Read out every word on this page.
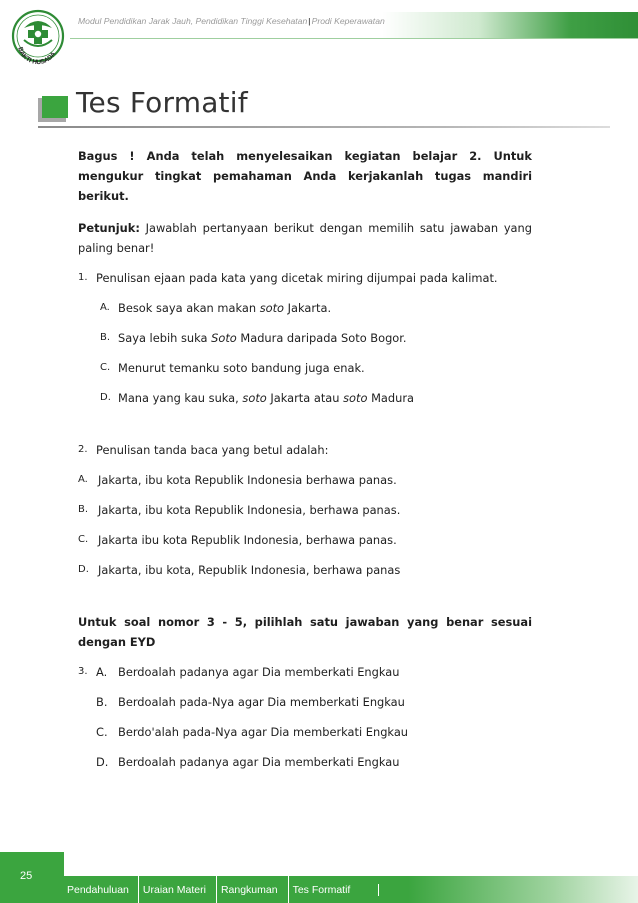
BAKTI HUSADA
Modul Pendidikan Jarak Jauh, Pendidikan Tinggi Kesehatan|Prodi Keperawatan
Tes Formatif

Bagus ! Anda telah menyelesaikan kegiatan belajar 2. Untuk mengukur tingkat pemahaman Anda kerjakanlah tugas mandiri berikut.

Petunjuk: Jawablah pertanyaan berikut dengan memilih satu jawaban yang paling benar!

1. Penulisan ejaan pada kata yang dicetak miring dijumpai pada kalimat.
A. Besok saya akan makan soto Jakarta.
B. Saya lebih suka Soto Madura daripada Soto Bogor.
C. Menurut temanku soto bandung juga enak.
D. Mana yang kau suka, soto Jakarta atau soto Madura
2. Penulisan tanda baca yang betul adalah:
A. Jakarta, ibu kota Republik Indonesia berhawa panas.
B. Jakarta, ibu kota Republik Indonesia, berhawa panas.
C. Jakarta ibu kota Republik Indonesia, berhawa panas.
D. Jakarta, ibu kota, Republik Indonesia, berhawa panas

Untuk soal nomor 3 - 5, pilihlah satu jawaban yang benar sesuai dengan EYD

3. A. Berdoalah padanya agar Dia memberkati Engkau
B. Berdoalah pada-Nya agar Dia memberkati Engkau
C. Berdo'alah pada-Nya agar Dia memberkati Engkau
D. Berdoalah padanya agar Dia memberkati Engkau
25
Pendahuluan	Uraian Materi	Rangkuman	Tes Formatif
